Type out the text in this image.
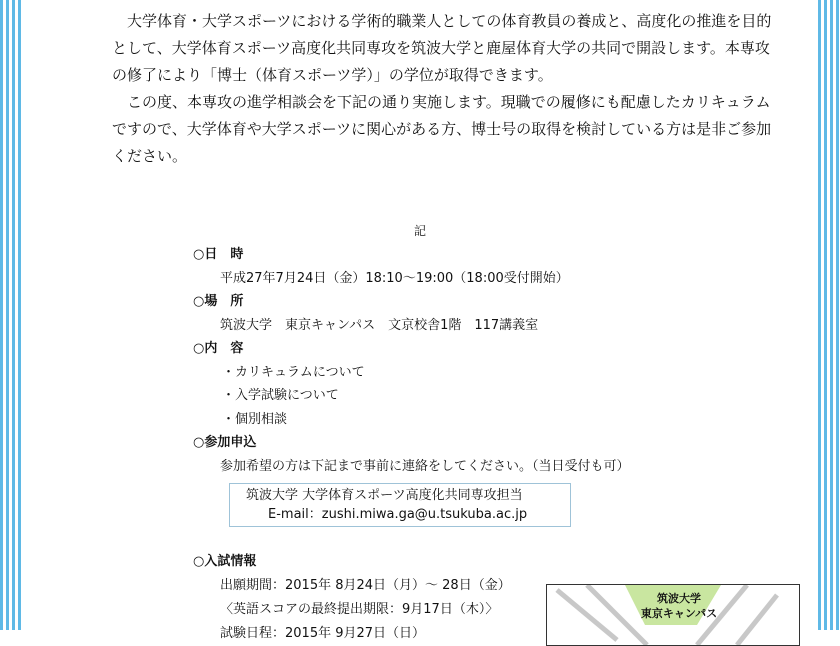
大学体育・大学スポーツにおける学術的職業人としての体育教員の養成と、高度化の推進を目的として、大学体育スポーツ高度化共同専攻を筑波大学と鹿屋体育大学の共同で開設します。本専攻の修了により「博士（体育スポーツ学）」の学位が取得できます。

この度、本専攻の進学相談会を下記の通り実施します。現職での履修にも配慮したカリキュラムですので、大学体育や大学スポーツに関心がある方、博士号の取得を検討している方は是非ご参加ください。

記
○日　時
平成27年7月24日（金）18:10～19:00（18:00受付開始）
○場　所
筑波大学　東京キャンパス　文京校舎1階　117講義室
○内　容
・カリキュラムについて
・入学試験について
・個別相談
○参加申込
参加希望の方は下記まで事前に連絡をしてください。（当日受付も可）
筑波大学 大学体育スポーツ高度化共同専攻担当
E-mail：zushi.miwa.ga@u.tsukuba.ac.jp
○入試情報
出願期間：2015年 8月24日（月）～ 28日（金）
〈英語スコアの最終提出期限：9月17日（木）〉
試験日程：2015年 9月27日（日）
筑波大学
東京キャンパス
